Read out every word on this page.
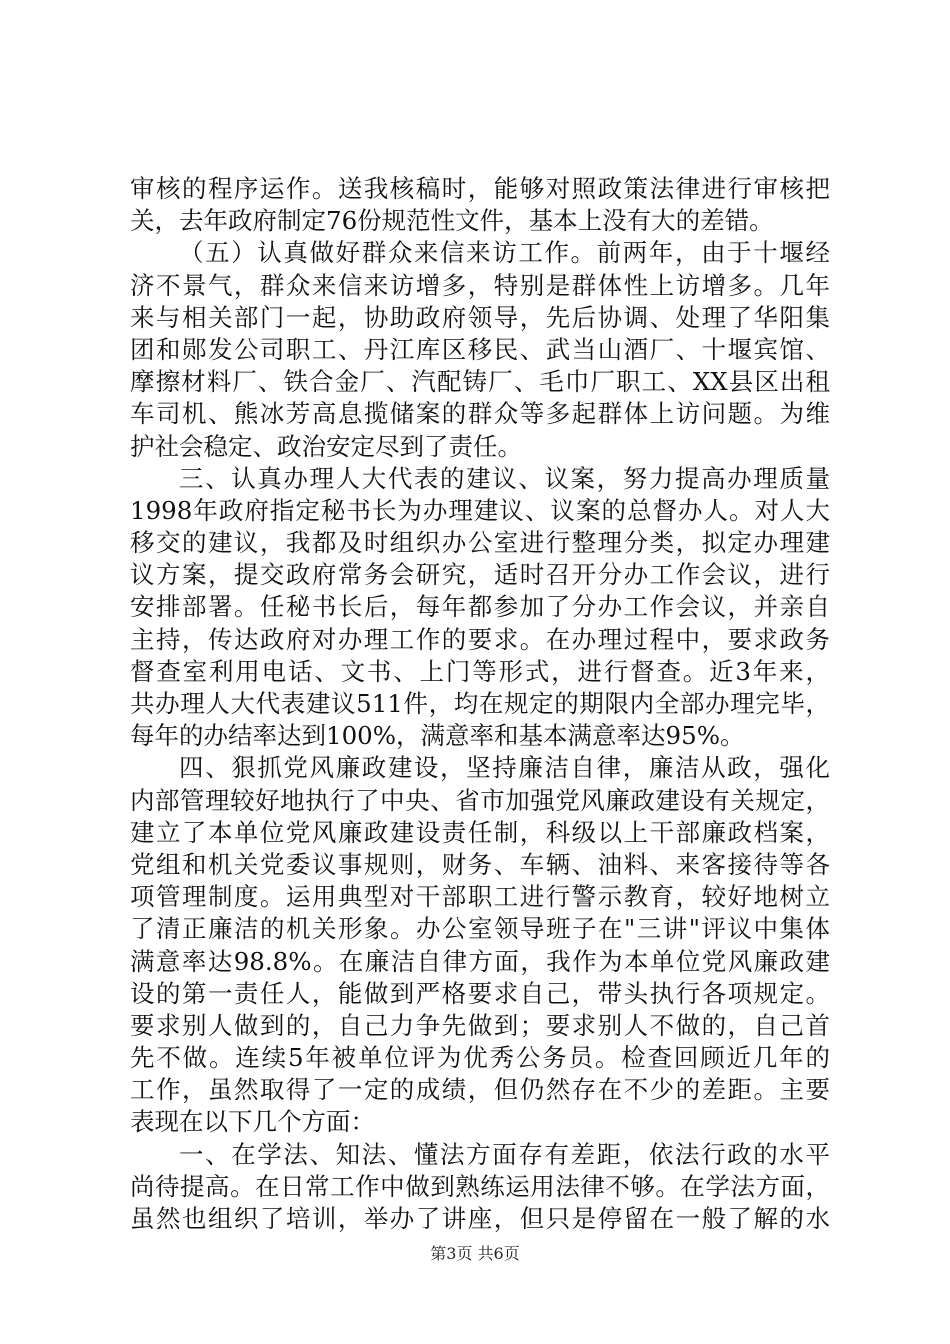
审核的程序运作。送我核稿时，能够对照政策法律进行审核把
关，去年政府制定76份规范性文件，基本上没有大的差错。
（五）认真做好群众来信来访工作。前两年，由于十堰经
济不景气，群众来信来访增多，特别是群体性上访增多。几年
来与相关部门一起，协助政府领导，先后协调、处理了华阳集
团和郧发公司职工、丹江库区移民、武当山酒厂、十堰宾馆、
摩擦材料厂、铁合金厂、汽配铸厂、毛巾厂职工、XX县区出租
车司机、熊冰芳高息揽储案的群众等多起群体上访问题。为维
护社会稳定、政治安定尽到了责任。
三、认真办理人大代表的建议、议案，努力提高办理质量
1998年政府指定秘书长为办理建议、议案的总督办人。对人大
移交的建议，我都及时组织办公室进行整理分类，拟定办理建
议方案，提交政府常务会研究，适时召开分办工作会议，进行
安排部署。任秘书长后，每年都参加了分办工作会议，并亲自
主持，传达政府对办理工作的要求。在办理过程中，要求政务
督查室利用电话、文书、上门等形式，进行督查。近3年来，
共办理人大代表建议511件，均在规定的期限内全部办理完毕，
每年的办结率达到100%，满意率和基本满意率达95%。
四、狠抓党风廉政建设，坚持廉洁自律，廉洁从政，强化
内部管理较好地执行了中央、省市加强党风廉政建设有关规定，
建立了本单位党风廉政建设责任制，科级以上干部廉政档案，
党组和机关党委议事规则，财务、车辆、油料、来客接待等各
项管理制度。运用典型对干部职工进行警示教育，较好地树立
了清正廉洁的机关形象。办公室领导班子在"三讲"评议中集体
满意率达98.8%。在廉洁自律方面，我作为本单位党风廉政建
设的第一责任人，能做到严格要求自己，带头执行各项规定。
要求别人做到的，自己力争先做到；要求别人不做的，自己首
先不做。连续5年被单位评为优秀公务员。检查回顾近几年的
工作，虽然取得了一定的成绩，但仍然存在不少的差距。主要
表现在以下几个方面：
一、在学法、知法、懂法方面存有差距，依法行政的水平
尚待提高。在日常工作中做到熟练运用法律不够。在学法方面，
虽然也组织了培训，举办了讲座，但只是停留在一般了解的水
第3页 共6页
